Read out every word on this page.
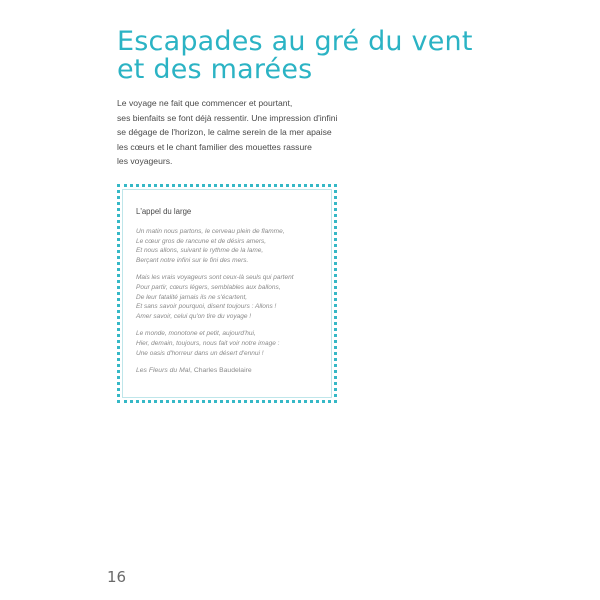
Escapades au gré du vent
et des marées

Le voyage ne fait que commencer et pourtant,
ses bienfaits se font déjà ressentir. Une impression d'infini
se dégage de l'horizon, le calme serein de la mer apaise
les cœurs et le chant familier des mouettes rassure
les voyageurs.

L'appel du large

Un matin nous partons, le cerveau plein de flamme,
Le cœur gros de rancune et de désirs amers,
Et nous allons, suivant le rythme de la lame,
Berçant notre infini sur le fini des mers.

Mais les vrais voyageurs sont ceux-là seuls qui partent
Pour partir, cœurs légers, semblables aux ballons,
De leur fatalité jamais ils ne s'écartent,
Et sans savoir pourquoi, disent toujours : Allons !
Amer savoir, celui qu'on tire du voyage !

Le monde, monotone et petit, aujourd'hui,
Hier, demain, toujours, nous fait voir notre image :
Une oasis d'horreur dans un désert d'ennui !

Les Fleurs du Mal, Charles Baudelaire

16
